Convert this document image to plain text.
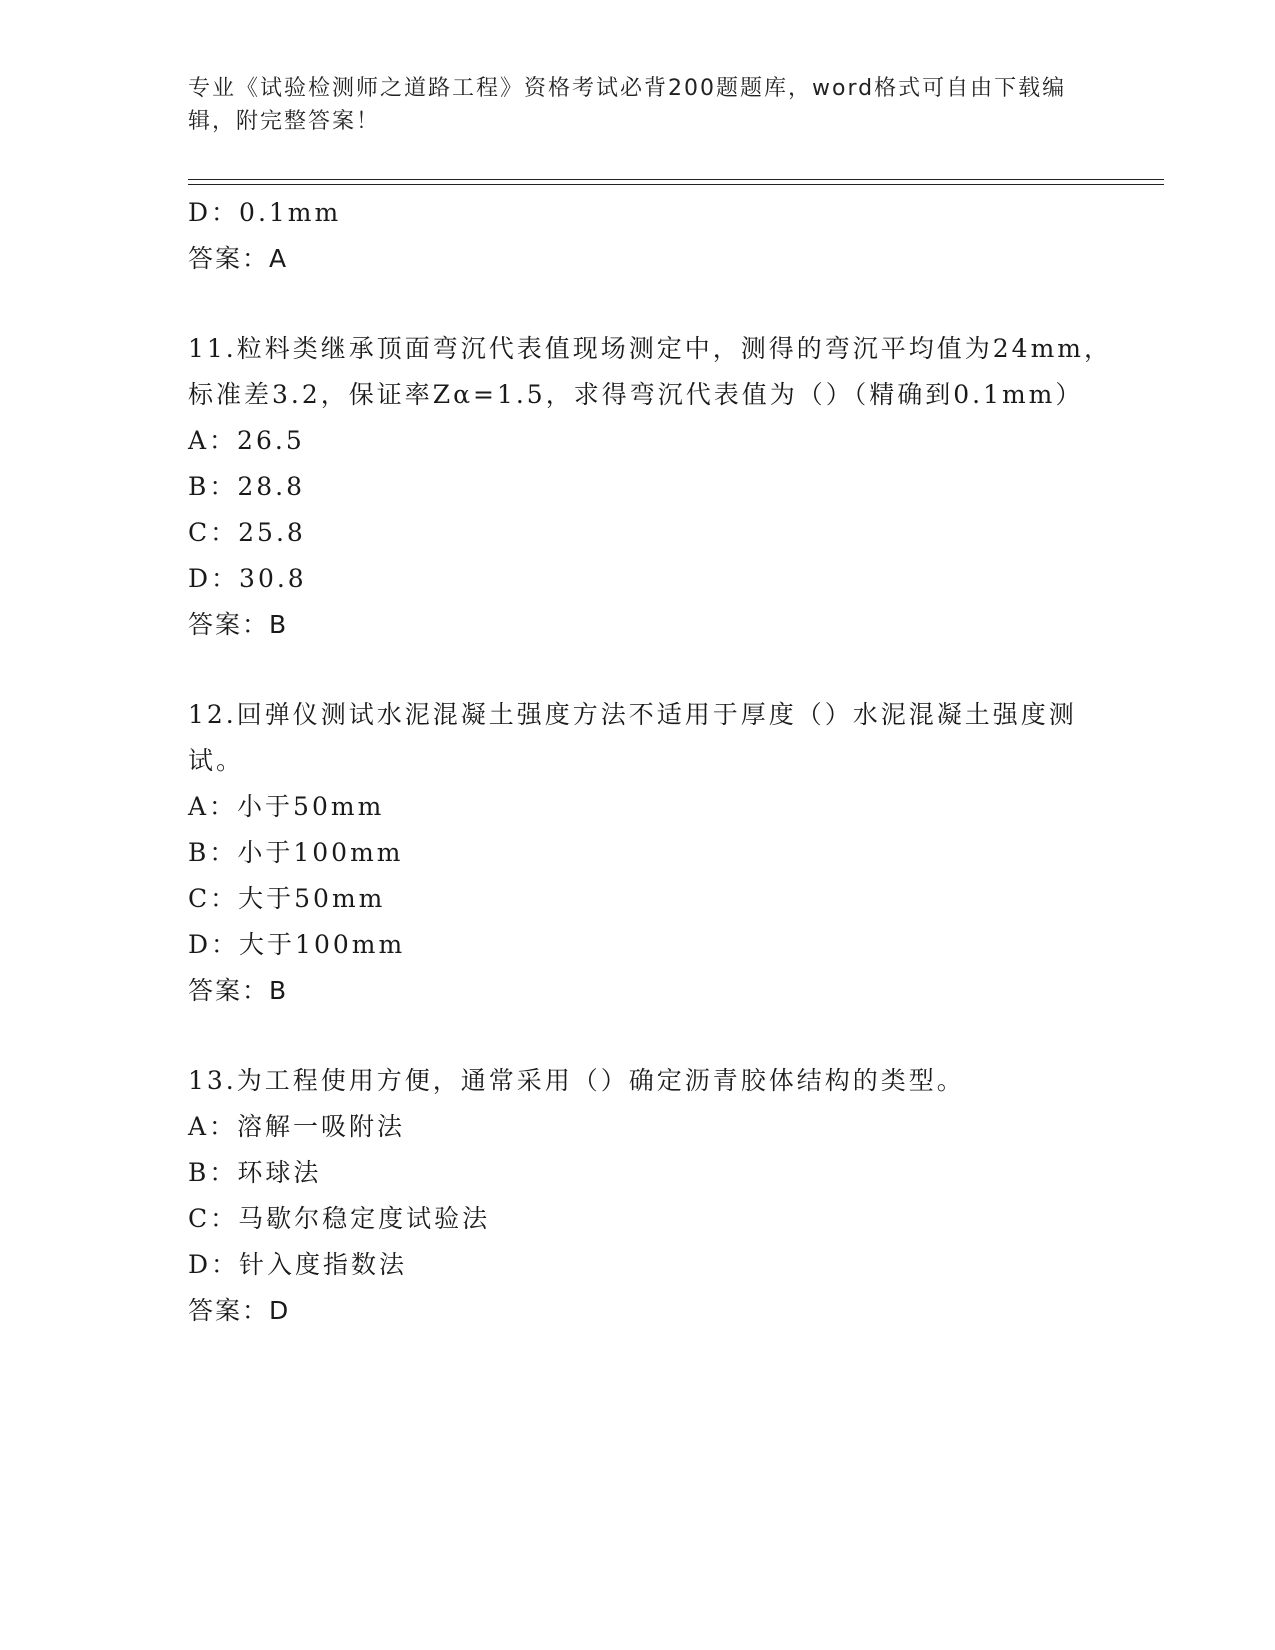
专业《试验检测师之道路工程》资格考试必背200题题库，word格式可自由下载编辑，附完整答案！
D：0.1mm
答案：A
11.粒料类继承顶面弯沉代表值现场测定中，测得的弯沉平均值为24mm，标准差3.2，保证率Zα=1.5，求得弯沉代表值为（）（精确到0.1mm）
A：26.5
B：28.8
C：25.8
D：30.8
答案：B
12.回弹仪测试水泥混凝土强度方法不适用于厚度（）水泥混凝土强度测试。
A：小于50mm
B：小于100mm
C：大于50mm
D：大于100mm
答案：B
13.为工程使用方便，通常采用（）确定沥青胶体结构的类型。
A：溶解一吸附法
B：环球法
C：马歇尔稳定度试验法
D：针入度指数法
答案：D
